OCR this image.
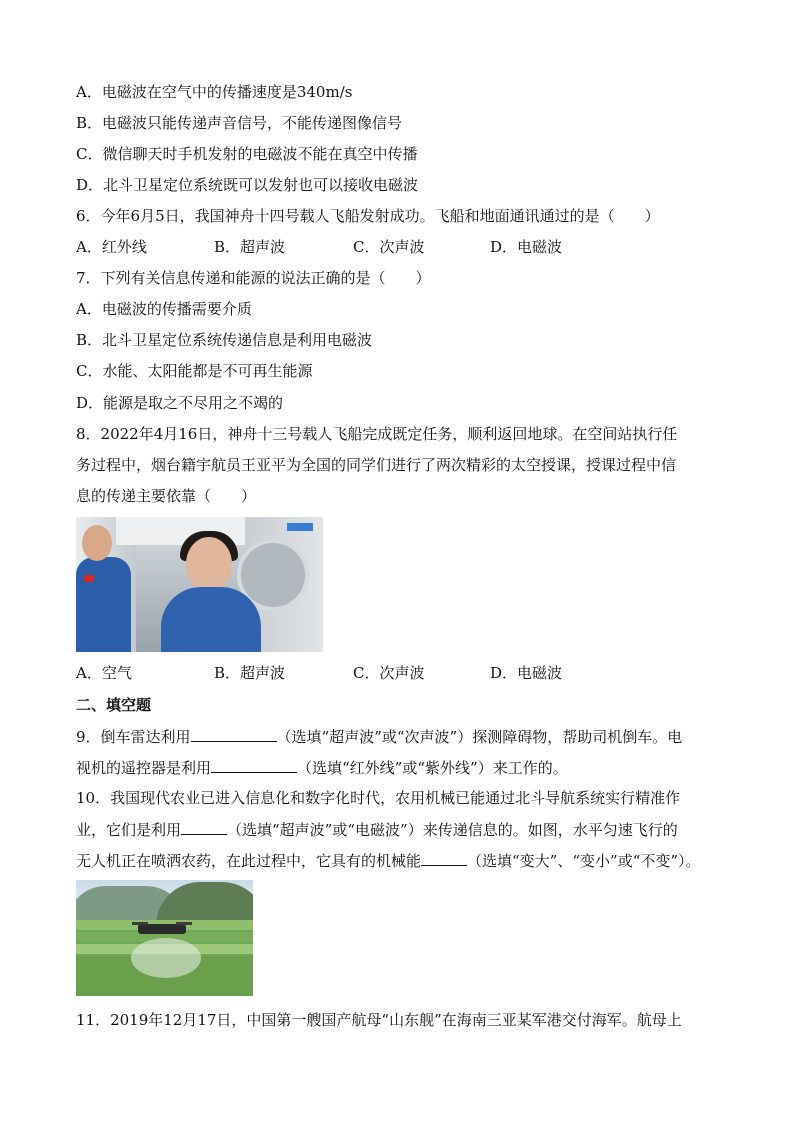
A．电磁波在空气中的传播速度是340m/s
B．电磁波只能传递声音信号，不能传递图像信号
C．微信聊天时手机发射的电磁波不能在真空中传播
D．北斗卫星定位系统既可以发射也可以接收电磁波
6．今年6月5日，我国神舟十四号载人飞船发射成功。飞船和地面通讯通过的是（　　）
A．红外线	B．超声波	C．次声波	D．电磁波
7．下列有关信息传递和能源的说法正确的是（　　）
A．电磁波的传播需要介质
B．北斗卫星定位系统传递信息是利用电磁波
C．水能、太阳能都是不可再生能源
D．能源是取之不尽用之不竭的
8．2022年4月16日，神舟十三号载人飞船完成既定任务，顺利返回地球。在空间站执行任
务过程中，烟台籍宇航员王亚平为全国的同学们进行了两次精彩的太空授课，授课过程中信
息的传递主要依靠（　　）
A．空气	B．超声波	C．次声波	D．电磁波
二、填空题
9．倒车雷达利用	（选填“超声波”或“次声波”）探测障碍物，帮助司机倒车。电
视机的遥控器是利用	（选填“红外线”或“紫外线”）来工作的。
10．我国现代农业已进入信息化和数字化时代，农用机械已能通过北斗导航系统实行精准作
业，它们是利用	（选填“超声波”或“电磁波”）来传递信息的。如图，水平匀速飞行的
无人机正在喷洒农药，在此过程中，它具有的机械能	（选填“变大”、“变小”或“不变”）。
11．2019年12月17日，中国第一艘国产航母“山东舰”在海南三亚某军港交付海军。航母上
